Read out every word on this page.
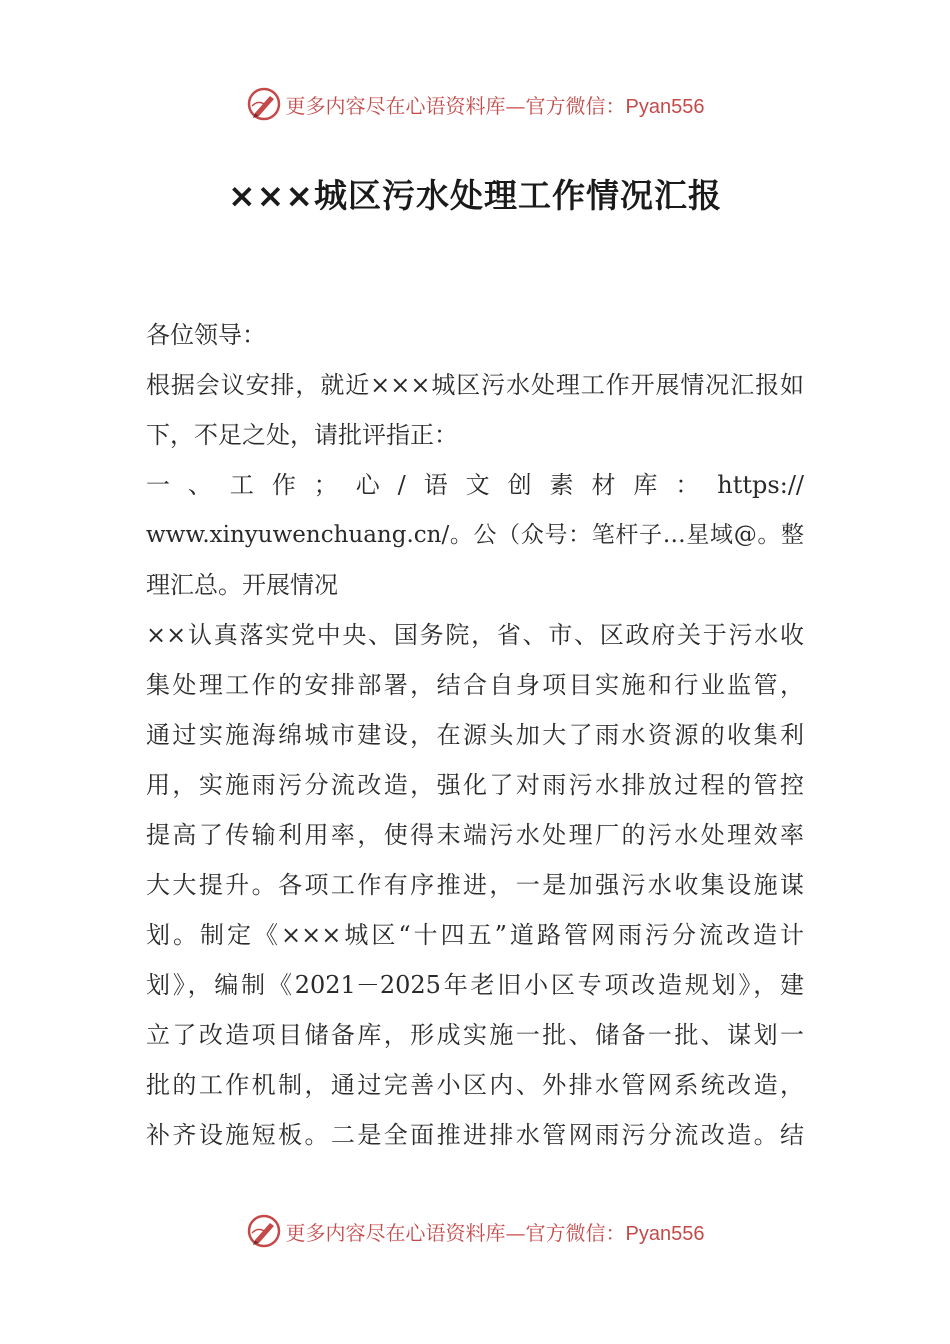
更多内容尽在心语资料库—官方微信：Pyan556
×××城区污水处理工作情况汇报
各位领导：
根据会议安排，就近×××城区污水处理工作开展情况汇报如
下，不足之处，请批评指正：
一、工作；心/语文创素材库：https://
www.xinyuwenchuang.cn/。公（众号：笔杆子…星域@。整
理汇总。开展情况
××认真落实党中央、国务院，省、市、区政府关于污水收
集处理工作的安排部署，结合自身项目实施和行业监管，
通过实施海绵城市建设，在源头加大了雨水资源的收集利
用，实施雨污分流改造，强化了对雨污水排放过程的管控
提高了传输利用率，使得末端污水处理厂的污水处理效率
大大提升。各项工作有序推进，一是加强污水收集设施谋
划。制定《×××城区“十四五”道路管网雨污分流改造计
划》，编制《2021－2025年老旧小区专项改造规划》，建
立了改造项目储备库，形成实施一批、储备一批、谋划一
批的工作机制，通过完善小区内、外排水管网系统改造，
补齐设施短板。二是全面推进排水管网雨污分流改造。结
更多内容尽在心语资料库—官方微信：Pyan556
